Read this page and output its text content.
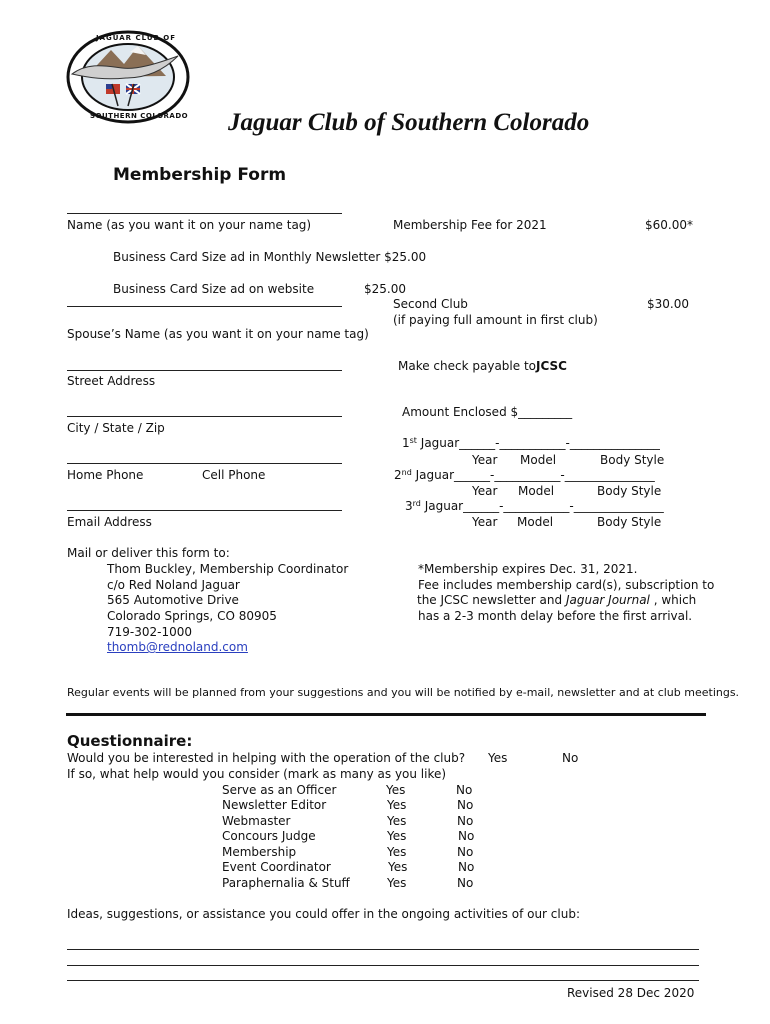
JAGUAR CLUB OF
SOUTHERN COLORADO Jaguar Club of Southern Colorado
Membership Form
Name (as you want it on your name tag)
Spouse’s Name (as you want it on your name tag)
Street Address
City / State / Zip
Home Phone	Cell Phone
Email Address
Membership Fee for 2021	$60.00*
Business Card Size ad in Monthly Newsletter $25.00
Business Card Size ad on website	$25.00
Second Club	$30.00
(if paying full amount in first club)
Make check payable to:
JCSC
Amount Enclosed $_________
1st Jaguar______-___________-_______________
Year Model	Body Style
2nd Jaguar______-___________-_______________
Year Model	Body Style
3rd Jaguar______-___________-_______________
Year Model	Body Style
Mail or deliver this form to:
Thom Buckley, Membership Coordinator
c/o Red Noland Jaguar
565 Automotive Drive
Colorado Springs, CO 80905
719-302-1000
thomb@rednoland.com
*Membership expires Dec. 31, 2021.
Fee includes membership card(s), subscription to
the JCSC newsletter and Jaguar Journal , which
has a 2-3 month delay before the first arrival.
Regular events will be planned from your suggestions and you will be notified by e-mail, newsletter and at club meetings.
Questionnaire:
Would you be interested in helping with the operation of the club? Yes	No
If so, what help would you consider (mark as many as you like)
Serve as an Officer	Yes	No
Newsletter Editor	Yes	No
Webmaster	Yes	No
Concours Judge	Yes	No
Membership	Yes	No
Event Coordinator	Yes	No
Paraphernalia & Stuff	Yes	No
Ideas, suggestions, or assistance you could offer in the ongoing activities of our club:
Revised 28 Dec 2020
